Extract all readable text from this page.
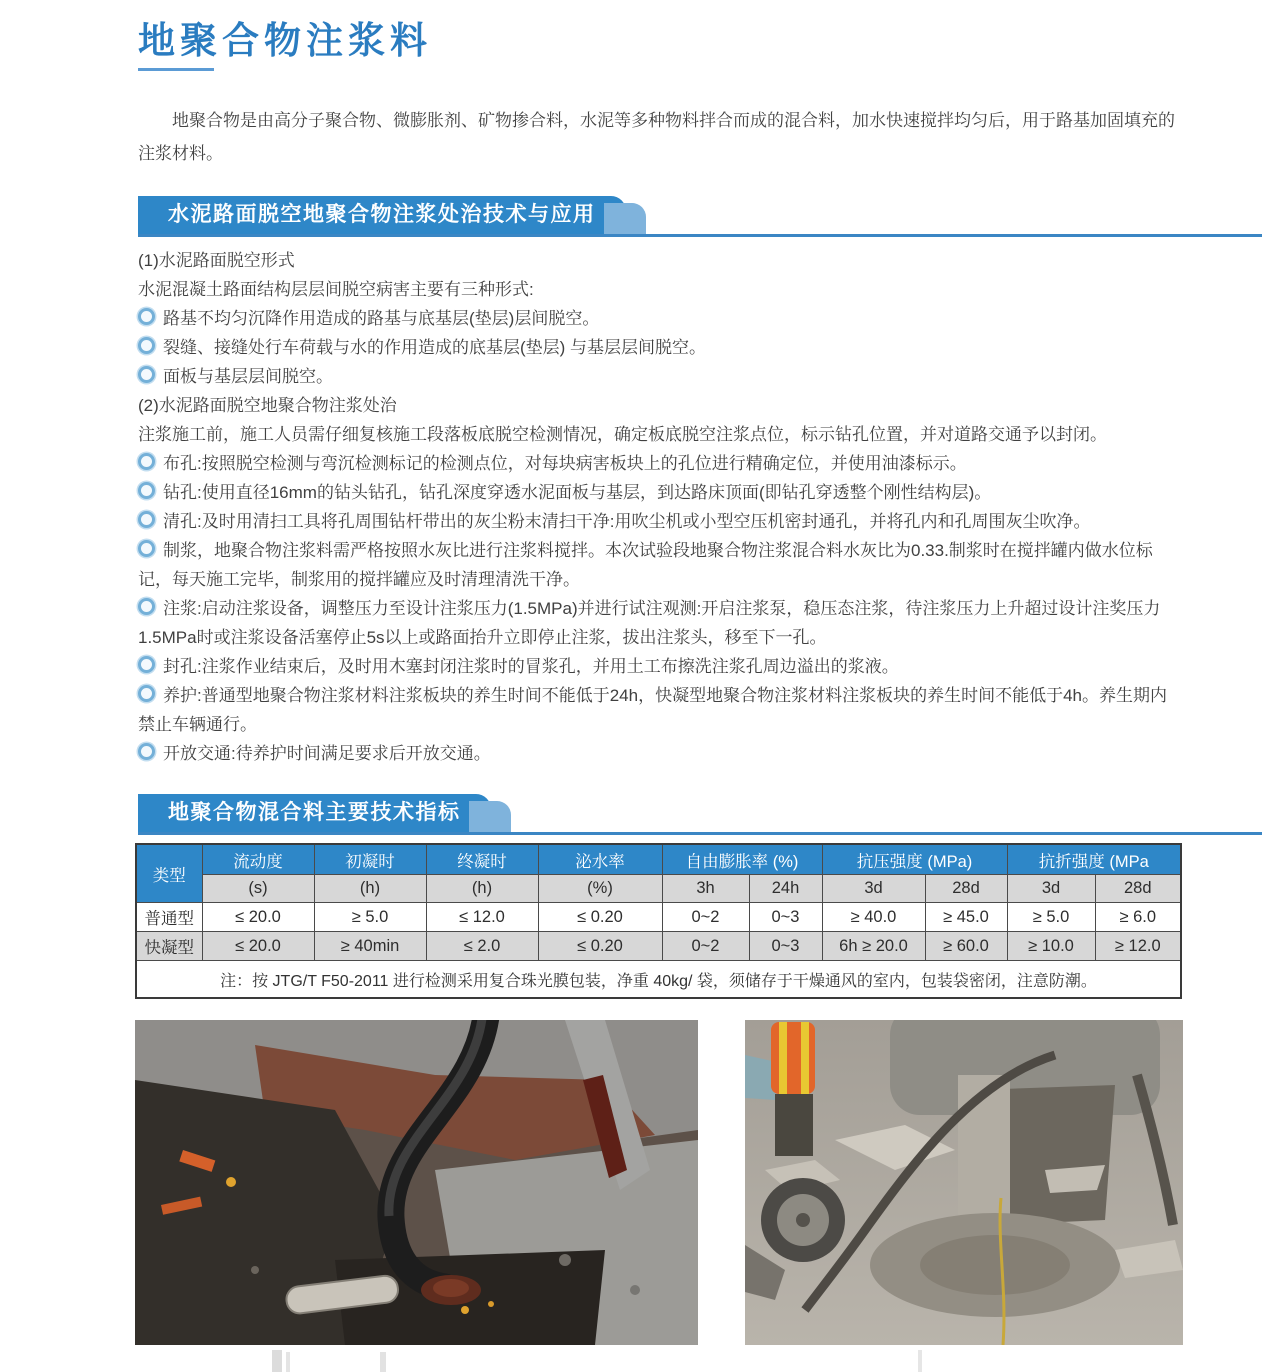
地聚合物注浆料

地聚合物是由高分子聚合物、微膨胀剂、矿物掺合料，水泥等多种物料拌合而成的混合料，加水快速搅拌均匀后，用于路基加固填充的注浆材料。

水泥路面脱空地聚合物注浆处治技术与应用

(1)水泥路面脱空形式

水泥混凝土路面结构层层间脱空病害主要有三种形式:

路基不均匀沉降作用造成的路基与底基层(垫层)层间脱空。

裂缝、接缝处行车荷载与水的作用造成的底基层(垫层) 与基层层间脱空。

面板与基层层间脱空。

(2)水泥路面脱空地聚合物注浆处治

注浆施工前，施工人员需仔细复核施工段落板底脱空检测情况，确定板底脱空注浆点位，标示钻孔位置，并对道路交通予以封闭。

布孔:按照脱空检测与弯沉检测标记的检测点位，对每块病害板块上的孔位进行精确定位，并使用油漆标示。

钻孔:使用直径16mm的钻头钻孔，钻孔深度穿透水泥面板与基层，到达路床顶面(即钻孔穿透整个刚性结构层)。

清孔:及时用清扫工具将孔周围钻杆带出的灰尘粉末清扫干净:用吹尘机或小型空压机密封通孔，并将孔内和孔周围灰尘吹净。

制浆，地聚合物注浆料需严格按照水灰比进行注浆料搅拌。本次试验段地聚合物注浆混合料水灰比为0.33.制浆时在搅拌罐内做水位标记，每天施工完毕，制浆用的搅拌罐应及时清理清洗干净。

注浆:启动注浆设备，调整压力至设计注浆压力(1.5MPa)并进行试注观测:开启注浆泵，稳压态注浆，待注浆压力上升超过设计注奖压力1.5MPa时或注浆设备活塞停止5s以上或路面抬升立即停止注浆，拔出注浆头，移至下一孔。

封孔:注浆作业结束后，及时用木塞封闭注浆时的冒浆孔，并用土工布擦洗注浆孔周边溢出的浆液。

养护:普通型地聚合物注浆材料注浆板块的养生时间不能低于24h，快凝型地聚合物注浆材料注浆板块的养生时间不能低于4h。养生期内禁止车辆通行。

开放交通:待养护时间满足要求后开放交通。

地聚合物混合料主要技术指标
类型	流动度	初凝时	终凝时	泌水率	自由膨胀率 (%)		抗压强度 (MPa)		抗折强度 (MPa	
	(s)	(h)	(h)	(%)	3h	24h	3d	28d	3d	28d
普通型	≤ 20.0	≥ 5.0	≤ 12.0	≤ 0.20	0~2	0~3	≥ 40.0	≥ 45.0	≥ 5.0	≥ 6.0
快凝型	≤ 20.0	≥ 40min	≤ 2.0	≤ 0.20	0~2	0~3	6h ≥ 20.0	≥ 60.0	≥ 10.0	≥ 12.0
注：按 JTG/T F50-2011 进行检测采用复合珠光膜包装，净重 40kg/ 袋，须储存于干燥通风的室内，包装袋密闭，注意防潮。										
